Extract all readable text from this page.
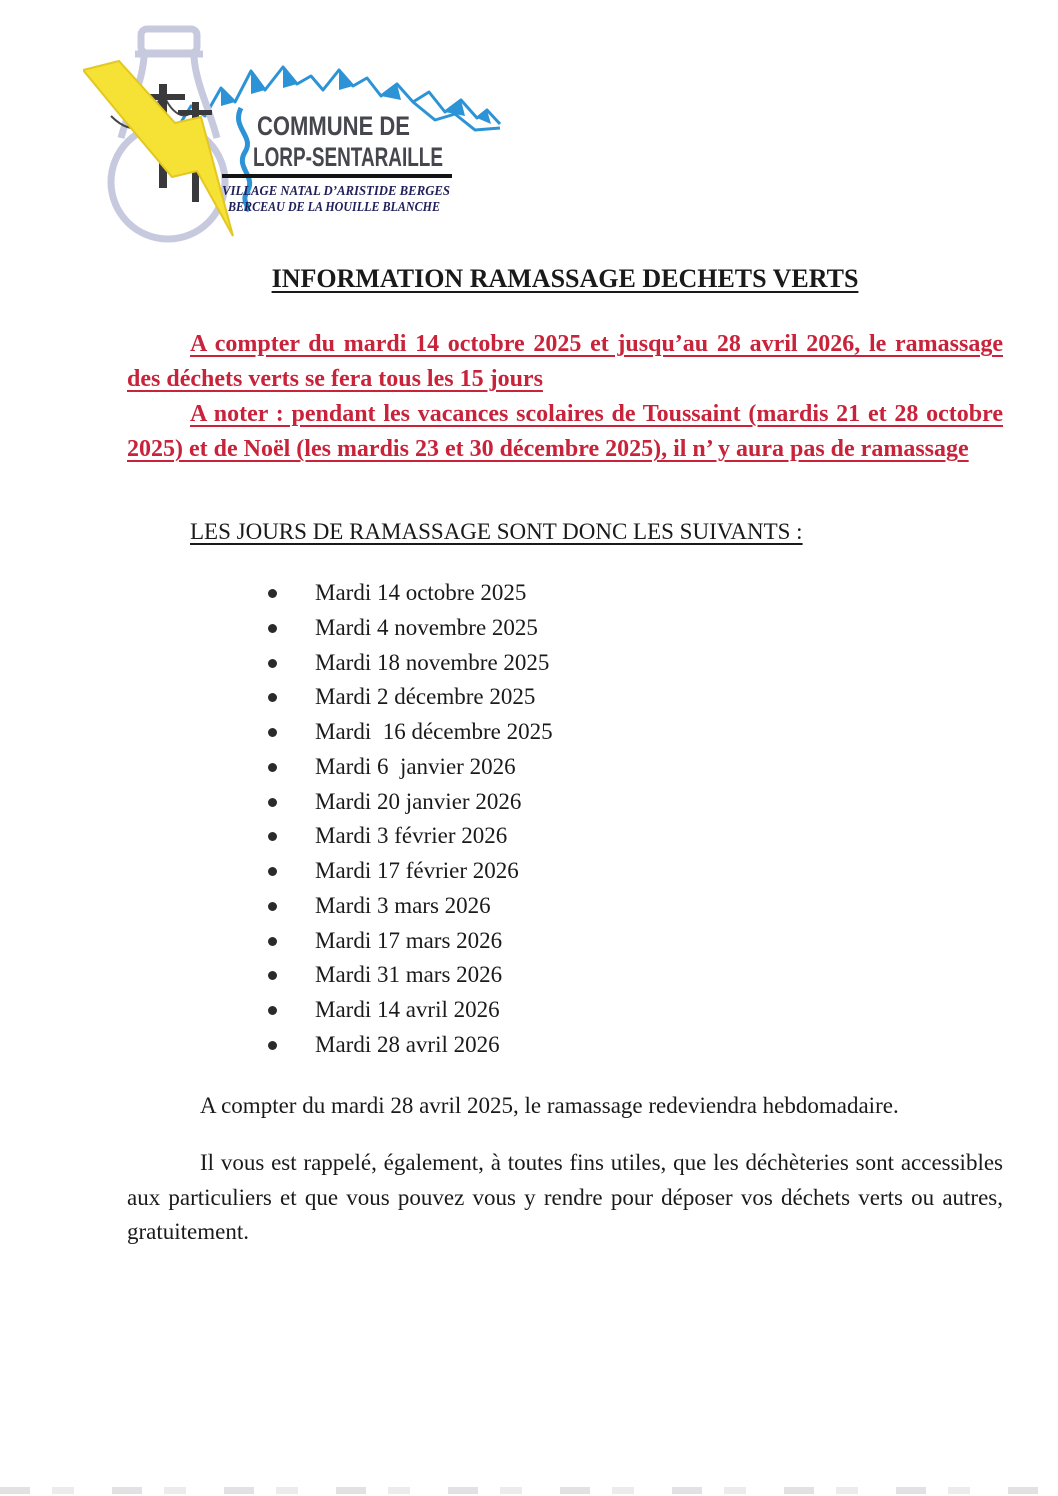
COMMUNE DE
LORP-SENTARAILLE
VILLAGE NATAL D’ARISTIDE BERGES
BERCEAU DE LA HOUILLE BLANCHE
INFORMATION RAMASSAGE DECHETS VERTS

A compter du mardi 14 octobre 2025 et jusqu’au 28 avril 2026, le ramassage des déchets verts se fera tous les 15 jours

A noter : pendant les vacances scolaires de Toussaint (mardis 21 et 28 octobre 2025) et de Noël (les mardis 23 et 30 décembre 2025), il n’ y aura pas de ramassage

LES JOURS DE RAMASSAGE SONT DONC LES SUIVANTS :
Mardi 14 octobre 2025
Mardi 4 novembre 2025
Mardi 18 novembre 2025
Mardi 2 décembre 2025
Mardi  16 décembre 2025
Mardi 6  janvier 2026
Mardi 20 janvier 2026
Mardi 3 février 2026
Mardi 17 février 2026
Mardi 3 mars 2026
Mardi 17 mars 2026
Mardi 31 mars 2026
Mardi 14 avril 2026
Mardi 28 avril 2026
A compter du mardi 28 avril 2025, le ramassage redeviendra hebdomadaire.
Il vous est rappelé, également, à toutes fins utiles, que les déchèteries sont accessibles aux particuliers et que vous pouvez vous y rendre pour déposer vos déchets verts ou autres, gratuitement.
